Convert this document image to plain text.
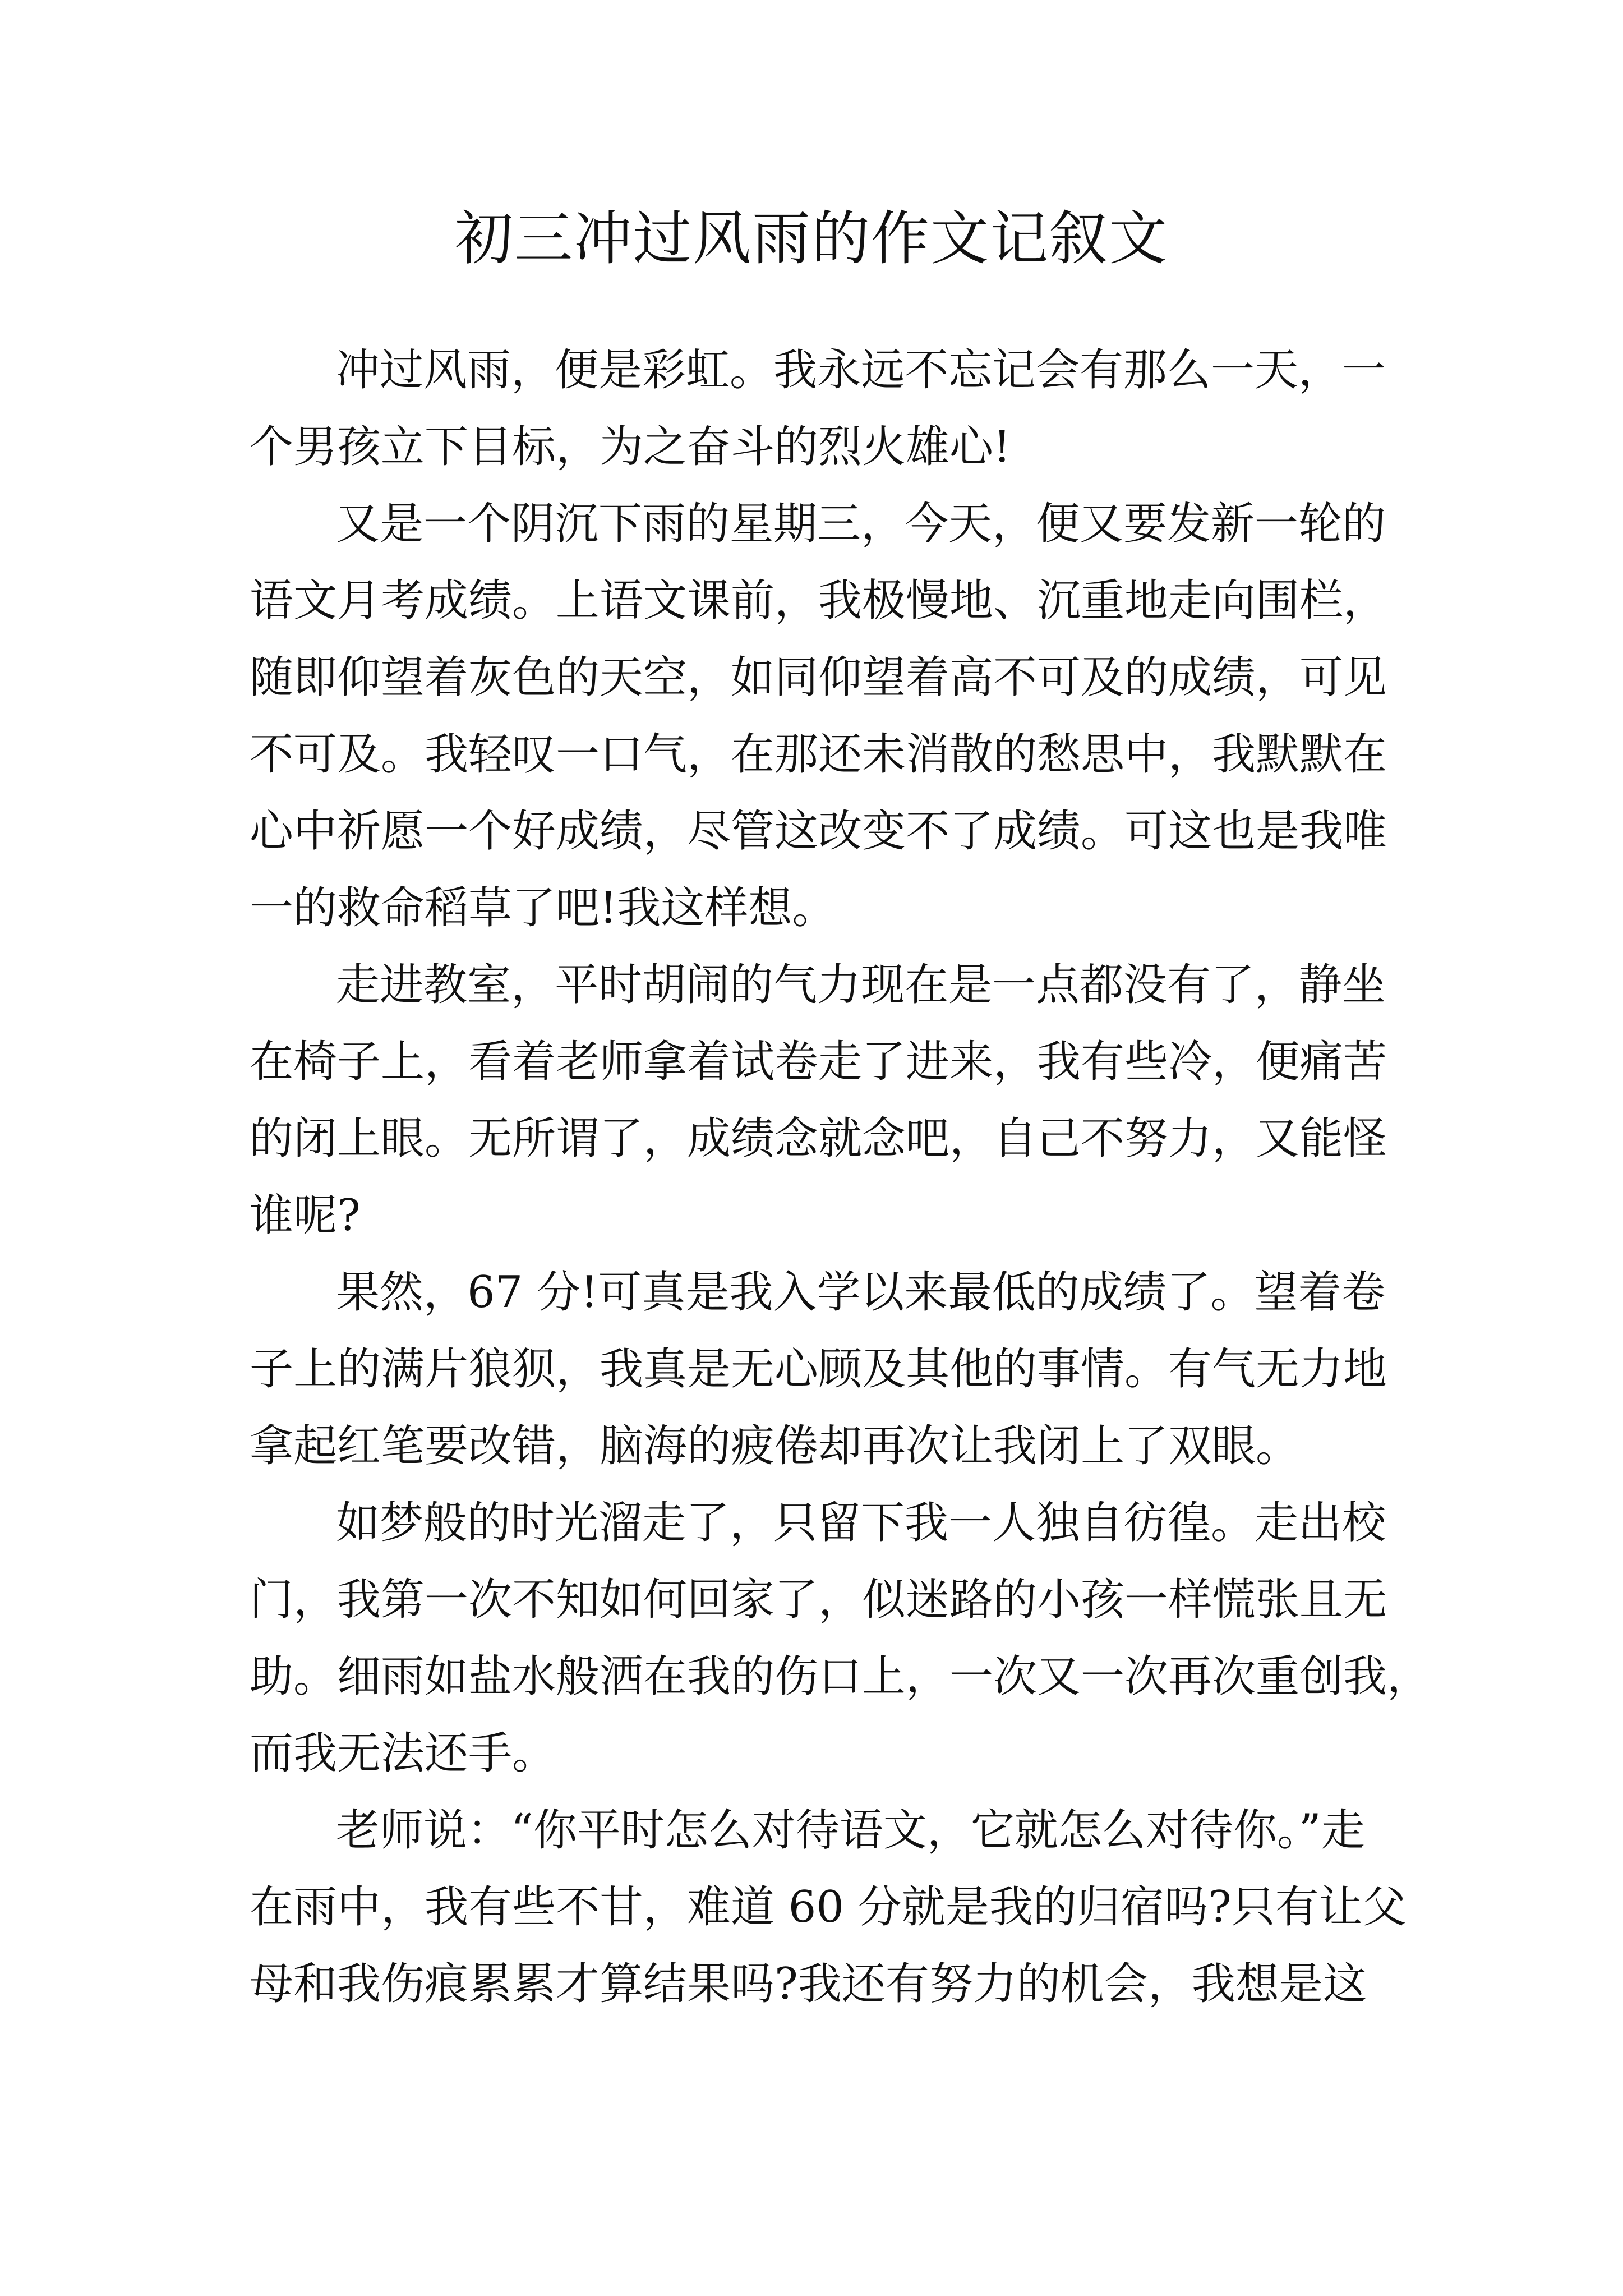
初三冲过风雨的作文记叙文
冲过风雨，便是彩虹。我永远不忘记会有那么一天，一
个男孩立下目标，为之奋斗的烈火雄心!
又是一个阴沉下雨的星期三，今天，便又要发新一轮的
语文月考成绩。上语文课前，我极慢地、沉重地走向围栏，
随即仰望着灰色的天空，如同仰望着高不可及的成绩，可见
不可及。我轻叹一口气，在那还未消散的愁思中，我默默在
心中祈愿一个好成绩，尽管这改变不了成绩。可这也是我唯
一的救命稻草了吧!我这样想。
走进教室，平时胡闹的气力现在是一点都没有了，静坐
在椅子上，看着老师拿着试卷走了进来，我有些冷，便痛苦
的闭上眼。无所谓了，成绩念就念吧，自己不努力，又能怪
谁呢?
果然，67 分!可真是我入学以来最低的成绩了。望着卷
子上的满片狼狈，我真是无心顾及其他的事情。有气无力地
拿起红笔要改错，脑海的疲倦却再次让我闭上了双眼。
如梦般的时光溜走了，只留下我一人独自彷徨。走出校
门，我第一次不知如何回家了，似迷路的小孩一样慌张且无
助。细雨如盐水般洒在我的伤口上，一次又一次再次重创我，
而我无法还手。
老师说：“你平时怎么对待语文，它就怎么对待你。”走
在雨中，我有些不甘，难道 60 分就是我的归宿吗?只有让父
母和我伤痕累累才算结果吗?我还有努力的机会，我想是这
